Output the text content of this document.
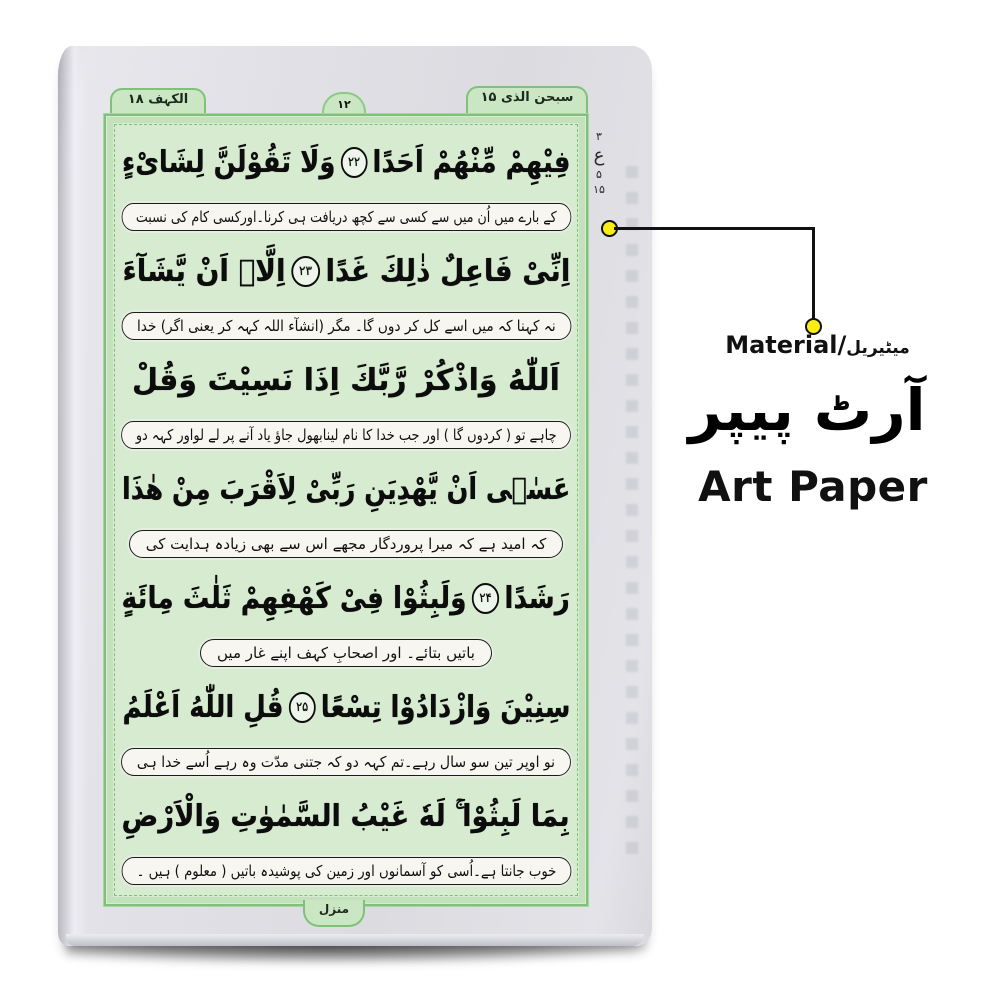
الکہف ۱۸	۱۲	سبحن الذی ۱۵
فِیْهِمْ مِّنْهُمْ اَحَدًا
۲۲
وَلَا تَقُوْلَنَّ لِشَایْءٍ
کے بارے میں اُن میں سے کسی سے کچھ دریافت ہی کرنا۔اورکسی کام کی نسبت
اِنِّیْ فَاعِلٌ ذٰلِكَ غَدًا
۲۳
اِلَّاۤ اَنْ یَّشَآءَ
نہ کہنا کہ میں اسے کل کر دوں گا۔ مگر (انشآء اللہ کہہ کر یعنی اگر) خدا
اَللّٰهُ وَاذْكُرْ رَّبَّكَ اِذَا نَسِیْتَ وَقُلْ
چاہے تو ( کردوں گا ) اور جب خدا کا نام لینابھول جاؤ یاد آنے پر لے لواور کہہ دو
عَسٰۤی اَنْ یَّهْدِیَنِ رَبِّیْ لِاَقْرَبَ مِنْ هٰذَا
کہ امید ہے کہ میرا پروردگار مجھے اس سے بھی زیادہ ہدایت کی
رَشَدًا
۲۴
وَلَبِثُوْا فِیْ كَهْفِهِمْ ثَلٰثَ مِائَةٍ
باتیں بتائے۔ اور اصحابِ کہف اپنے غار میں
سِنِیْنَ وَازْدَادُوْا تِسْعًا
۲۵
قُلِ اللّٰهُ اَعْلَمُ
نو اوپر تین سو سال رہے۔تم کہہ دو کہ جتنی مدّت وہ رہے اُسے خدا ہی
بِمَا لَبِثُوْا ۚ لَهٗ غَیْبُ السَّمٰوٰتِ وَالْاَرْضِ
خوب جانتا ہے۔اُسی کو آسمانوں اور زمین کی پوشیدہ باتیں ( معلوم ) ہیں ۔
۳
ع
۵
۱۵
منزل
Material/میٹیریل
آرٹ پیپر
Art Paper
